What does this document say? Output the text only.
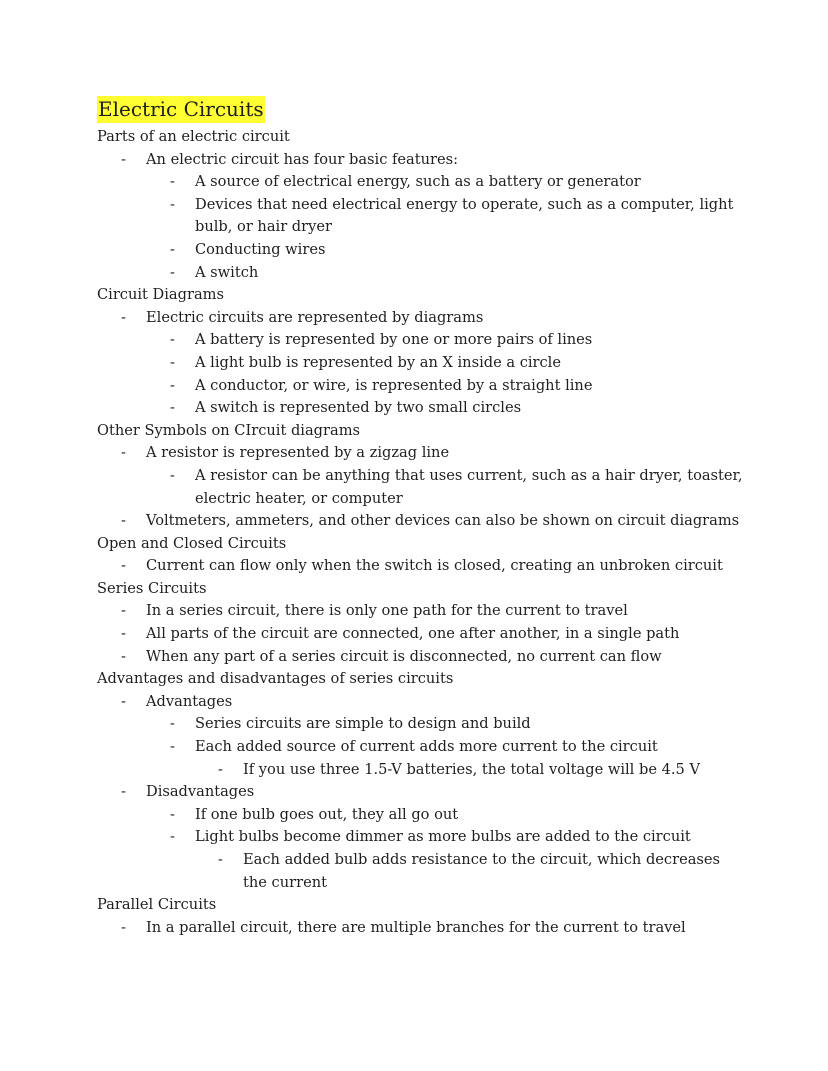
Electric Circuits
Parts of an electric circuit
- An electric circuit has four basic features:
- A source of electrical energy, such as a battery or generator
- Devices that need electrical energy to operate, such as a computer, light bulb, or hair dryer
- Conducting wires
- A switch
Circuit Diagrams
- Electric circuits are represented by diagrams
- A battery is represented by one or more pairs of lines
- A light bulb is represented by an X inside a circle
- A conductor, or wire, is represented by a straight line
- A switch is represented by two small circles
Other Symbols on CIrcuit diagrams
- A resistor is represented by a zigzag line
- A resistor can be anything that uses current, such as a hair dryer, toaster, electric heater, or computer
- Voltmeters, ammeters, and other devices can also be shown on circuit diagrams
Open and Closed Circuits
- Current can flow only when the switch is closed, creating an unbroken circuit
Series Circuits
- In a series circuit, there is only one path for the current to travel
- All parts of the circuit are connected, one after another, in a single path
- When any part of a series circuit is disconnected, no current can flow
Advantages and disadvantages of series circuits
- Advantages
- Series circuits are simple to design and build
- Each added source of current adds more current to the circuit
- If you use three 1.5-V batteries, the total voltage will be 4.5 V
- Disadvantages
- If one bulb goes out, they all go out
- Light bulbs become dimmer as more bulbs are added to the circuit
- Each added bulb adds resistance to the circuit, which decreases the current
Parallel Circuits
- In a parallel circuit, there are multiple branches for the current to travel
